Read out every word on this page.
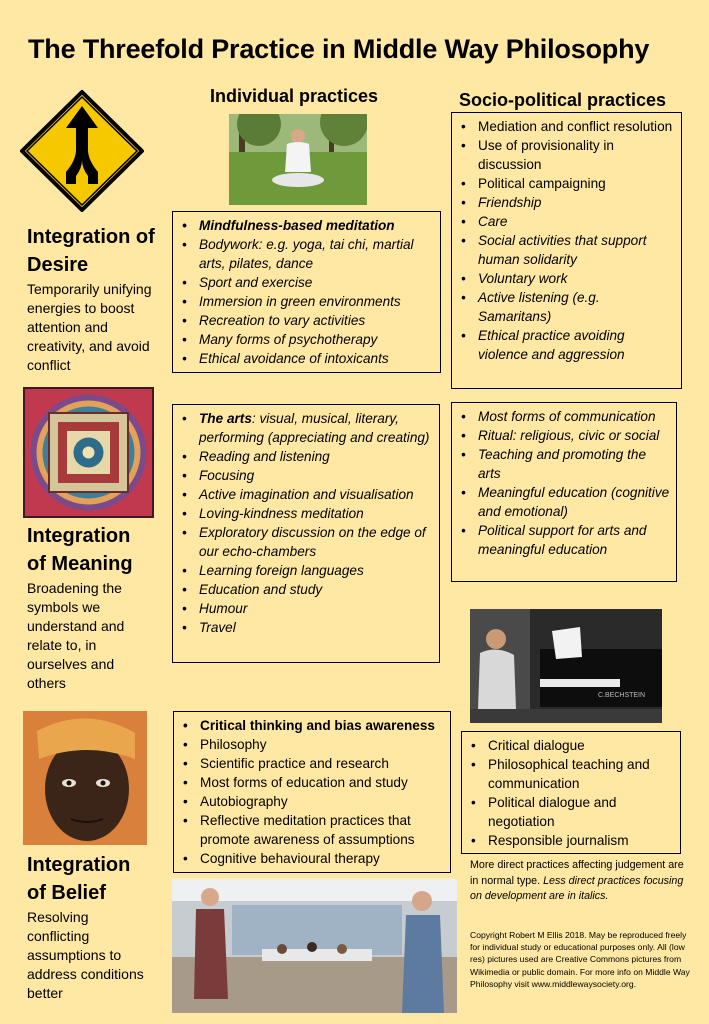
The Threefold Practice in Middle Way Philosophy
Individual practices	Socio-political practices
Integration of
Desire
Temporarily unifying
energies to boost
attention and
creativity, and avoid
conflict
• Mindfulness-based meditation
• Bodywork: e.g. yoga, tai chi, martial arts, pilates, dance
• Sport and exercise
• Immersion in green environments
• Recreation to vary activities
• Many forms of psychotherapy
• Ethical avoidance of intoxicants
• Mediation and conflict resolution
• Use of provisionality in discussion
• Political campaigning
• Friendship
• Care
• Social activities that support human solidarity
• Voluntary work
• Active listening (e.g. Samaritans)
• Ethical practice avoiding violence and aggression
Integration
of Meaning
Broadening the
symbols we
understand and
relate to, in
ourselves and
others
• The arts: visual, musical, literary, performing (appreciating and creating)
• Reading and listening
• Focusing
• Active imagination and visualisation
• Loving-kindness meditation
• Exploratory discussion on the edge of our echo-chambers
• Learning foreign languages
• Education and study
• Humour
• Travel
• Most forms of communication
• Ritual: religious, civic or social
• Teaching and promoting the arts
• Meaningful education (cognitive and emotional)
• Political support for arts and meaningful education
C.BECHSTEIN
Integration
of Belief
Resolving
conflicting
assumptions to
address conditions
better
• Critical thinking and bias awareness
• Philosophy
• Scientific practice and research
• Most forms of education and study
• Autobiography
• Reflective meditation practices that promote awareness of assumptions
• Cognitive behavioural therapy
• Critical dialogue
• Philosophical teaching and communication
• Political dialogue and negotiation
• Responsible journalism
More direct practices affecting judgement are in normal type. Less direct practices focusing on development are in italics.
Copyright Robert M Ellis 2018. May be reproduced freely for individual study or educational purposes only. All (low res) pictures used are Creative Commons pictures from Wikimedia or public domain. For more info on Middle Way Philosophy visit www.middlewaysociety.org.
